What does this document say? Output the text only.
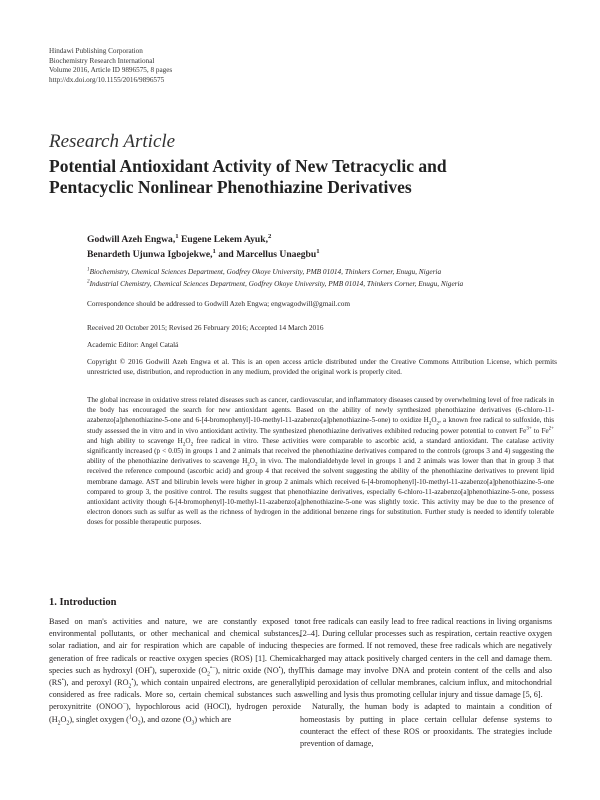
Hindawi Publishing Corporation
Biochemistry Research International
Volume 2016, Article ID 9896575, 8 pages
http://dx.doi.org/10.1155/2016/9896575
Research Article
Potential Antioxidant Activity of New Tetracyclic and
Pentacyclic Nonlinear Phenothiazine Derivatives
Godwill Azeh Engwa,$^1$ Eugene Lekem Ayuk,$^2$
Benardeth Ujunwa Igbojekwe,$^1$ and Marcellus Unaegbu$^1$
$^1$Biochemistry, Chemical Sciences Department, Godfrey Okoye University, PMB 01014, Thinkers Corner, Enugu, Nigeria
$^2$Industrial Chemistry, Chemical Sciences Department, Godfrey Okoye University, PMB 01014, Thinkers Corner, Enugu, Nigeria
Correspondence should be addressed to Godwill Azeh Engwa; engwagodwill@gmail.com
Received 20 October 2015; Revised 26 February 2016; Accepted 14 March 2016
Academic Editor: Angel Catalá
Copyright © 2016 Godwill Azeh Engwa et al. This is an open access article distributed under the Creative Commons Attribution License, which permits unrestricted use, distribution, and reproduction in any medium, provided the original work is properly cited.
The global increase in oxidative stress related diseases such as cancer, cardiovascular, and inflammatory diseases caused by overwhelming level of free radicals in the body has encouraged the search for new antioxidant agents. Based on the ability of newly synthesized phenothiazine derivatives (6-chloro-11-azabenzo[a]phenothiazine-5-one and 6-[4-bromophenyl]-10-methyl-11-azabenzo[a]phenothiazine-5-one) to oxidize $H_2O_2$, a known free radical to sulfoxide, this study assessed the in vitro and in vivo antioxidant activity. The synthesized phenothiazine derivatives exhibited reducing power potential to convert $Fe^{3+}$ to $Fe^{2+}$ and high ability to scavenge $H_2O_2$ free radical in vitro. These activities were comparable to ascorbic acid, a standard antioxidant. The catalase activity significantly increased (p < 0.05) in groups 1 and 2 animals that received the phenothiazine derivatives compared to the controls (groups 3 and 4) suggesting the ability of the phenothiazine derivatives to scavenge $H_2O_2$ in vivo. The malondialdehyde level in groups 1 and 2 animals was lower than that in group 3 that received the reference compound (ascorbic acid) and group 4 that received the solvent suggesting the ability of the phenothiazine derivatives to prevent lipid membrane damage. AST and bilirubin levels were higher in group 2 animals which received 6-[4-bromophenyl]-10-methyl-11-azabenzo[a]phenothiazine-5-one compared to group 3, the positive control. The results suggest that phenothiazine derivatives, especially 6-chloro-11-azabenzo[a]phenothiazine-5-one, possess antioxidant activity though 6-[4-bromophenyl]-10-methyl-11-azabenzo[a]phenothiazine-5-one was slightly toxic. This activity may be due to the presence of electron donors such as sulfur as well as the richness of hydrogen in the additional benzene rings for substitution. Further study is needed to identify tolerable doses for possible therapeutic purposes.
1. Introduction

Based on man's activities and nature, we are constantly exposed to environmental pollutants, or other mechanical and chemical substances, solar radiation, and air for respiration which are capable of inducing the generation of free radicals or reactive oxygen species (ROS) [1]. Chemical species such as hydroxyl (OH•), superoxide $(O_2^{•-})$, nitric oxide (NO•), thyl (RS•), and peroxyl $(RO_2^•)$, which contain unpaired electrons, are generally considered as free radicals. More so, certain chemical substances such as peroxynitrite (ONOO−), hypochlorous acid (HOCl), hydrogen peroxide $(H_2O_2)$, singlet oxygen $(^1O_2)$, and ozone $(O_3)$ which are

not free radicals can easily lead to free radical reactions in living organisms [2–4]. During cellular processes such as respiration, certain reactive oxygen species are formed. If not removed, these free radicals which are negatively charged may attack positively charged centers in the cell and damage them. This damage may involve DNA and protein content of the cells and also lipid peroxidation of cellular membranes, calcium influx, and mitochondrial swelling and lysis thus promoting cellular injury and tissue damage [5, 6].

Naturally, the human body is adapted to maintain a condition of homeostasis by putting in place certain cellular defense systems to counteract the effect of these ROS or prooxidants. The strategies include prevention of damage,
